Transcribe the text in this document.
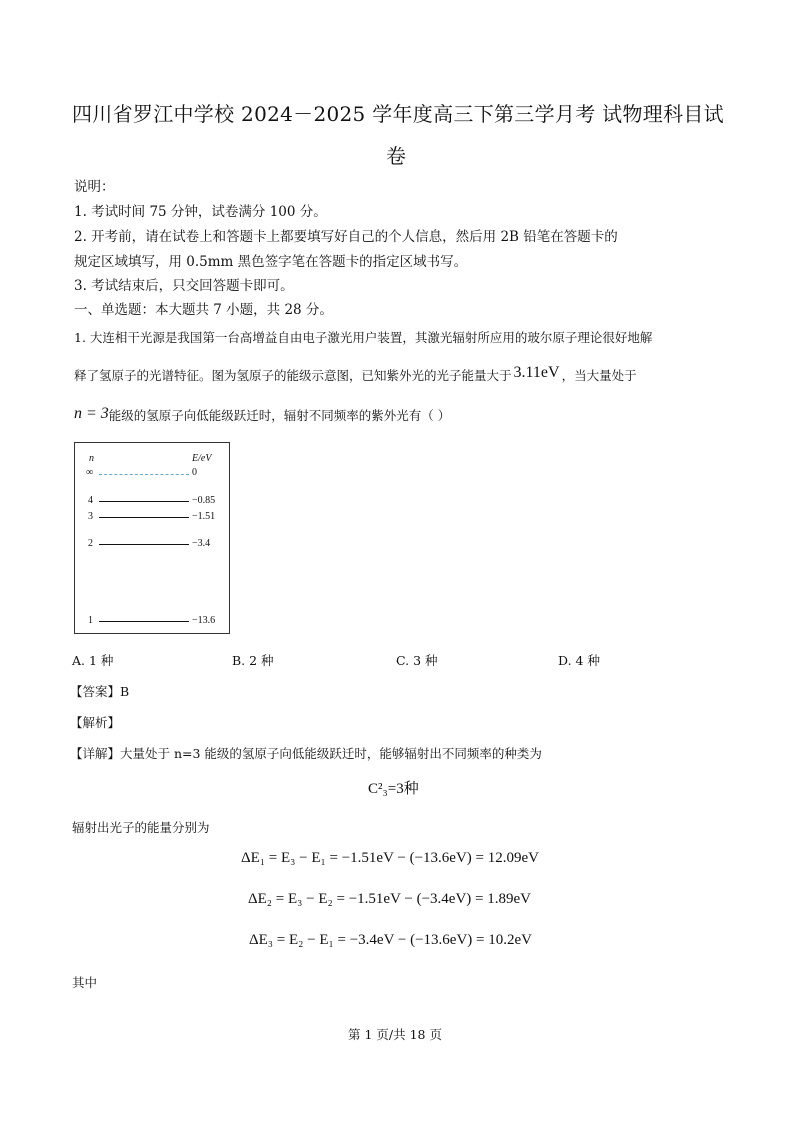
四川省罗江中学校 2024－2025 学年度高三下第三学月考 试物理科目试
卷
说明：
1. 考试时间 75 分钟，试卷满分 100 分。
2. 开考前，请在试卷上和答题卡上都要填写好自己的个人信息，然后用 2B 铅笔在答题卡的
规定区域填写，用 0.5mm 黑色签字笔在答题卡的指定区域书写。
3. 考试结束后，只交回答题卡即可。
一、单选题：本大题共 7 小题，共 28 分。
1. 大连相干光源是我国第一台高增益自由电子激光用户装置，其激光辐射所应用的玻尔原子理论很好地解
释了氢原子的光谱特征。图为氢原子的能级示意图，已知紫外光的光子能量大于 3.11eV ，当大量处于
n = 3能级的氢原子向低能级跃迁时，辐射不同频率的紫外光有（ ）
n	E/eV
∞	0
4	−0.85
3	−1.51
2	−3.4
1	−13.6
A. 1 种	B. 2 种	C. 3 种	D. 4 种
【答案】B
【解析】
【详解】大量处于 n=3 能级的氢原子向低能级跃迁时，能够辐射出不同频率的种类为
C²₃=3种
辐射出光子的能量分别为
ΔE₁ = E₃ − E₁ = −1.51eV − (−13.6eV) = 12.09eV
ΔE₂ = E₃ − E₂ = −1.51eV − (−3.4eV) = 1.89eV
ΔE₃ = E₂ − E₁ = −3.4eV − (−13.6eV) = 10.2eV
其中
第 1 页/共 18 页
